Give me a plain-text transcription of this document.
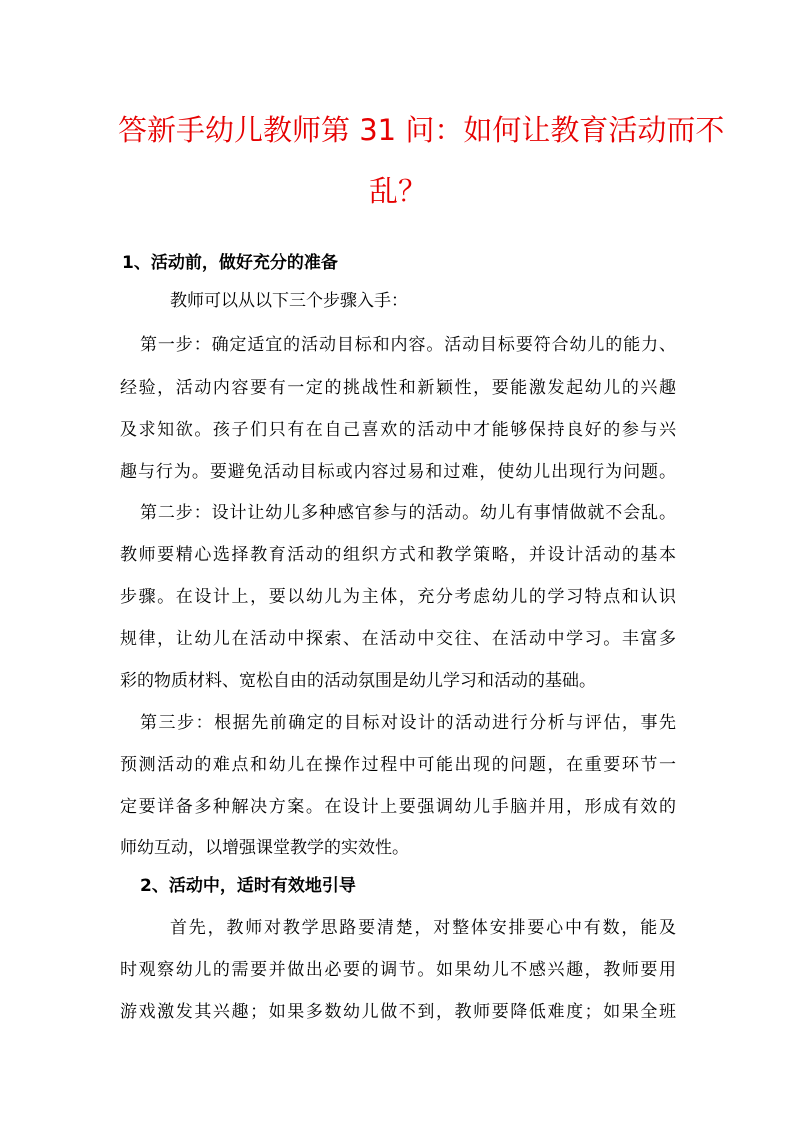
答新手幼儿教师第 31 问：如何让教育活动而不
乱？
1、活动前，做好充分的准备
教师可以从以下三个步骤入手：
第一步：确定适宜的活动目标和内容。活动目标要符合幼儿的能力、
经验，活动内容要有一定的挑战性和新颖性，要能激发起幼儿的兴趣
及求知欲。孩子们只有在自己喜欢的活动中才能够保持良好的参与兴
趣与行为。要避免活动目标或内容过易和过难，使幼儿出现行为问题。
第二步：设计让幼儿多种感官参与的活动。幼儿有事情做就不会乱。
教师要精心选择教育活动的组织方式和教学策略，并设计活动的基本
步骤。在设计上，要以幼儿为主体，充分考虑幼儿的学习特点和认识
规律，让幼儿在活动中探索、在活动中交往、在活动中学习。丰富多
彩的物质材料、宽松自由的活动氛围是幼儿学习和活动的基础。
第三步：根据先前确定的目标对设计的活动进行分析与评估，事先
预测活动的难点和幼儿在操作过程中可能出现的问题，在重要环节一
定要详备多种解决方案。在设计上要强调幼儿手脑并用，形成有效的
师幼互动，以增强课堂教学的实效性。
2、活动中，适时有效地引导
首先，教师对教学思路要清楚，对整体安排要心中有数，能及
时观察幼儿的需要并做出必要的调节。如果幼儿不感兴趣，教师要用
游戏激发其兴趣；如果多数幼儿做不到，教师要降低难度；如果全班
